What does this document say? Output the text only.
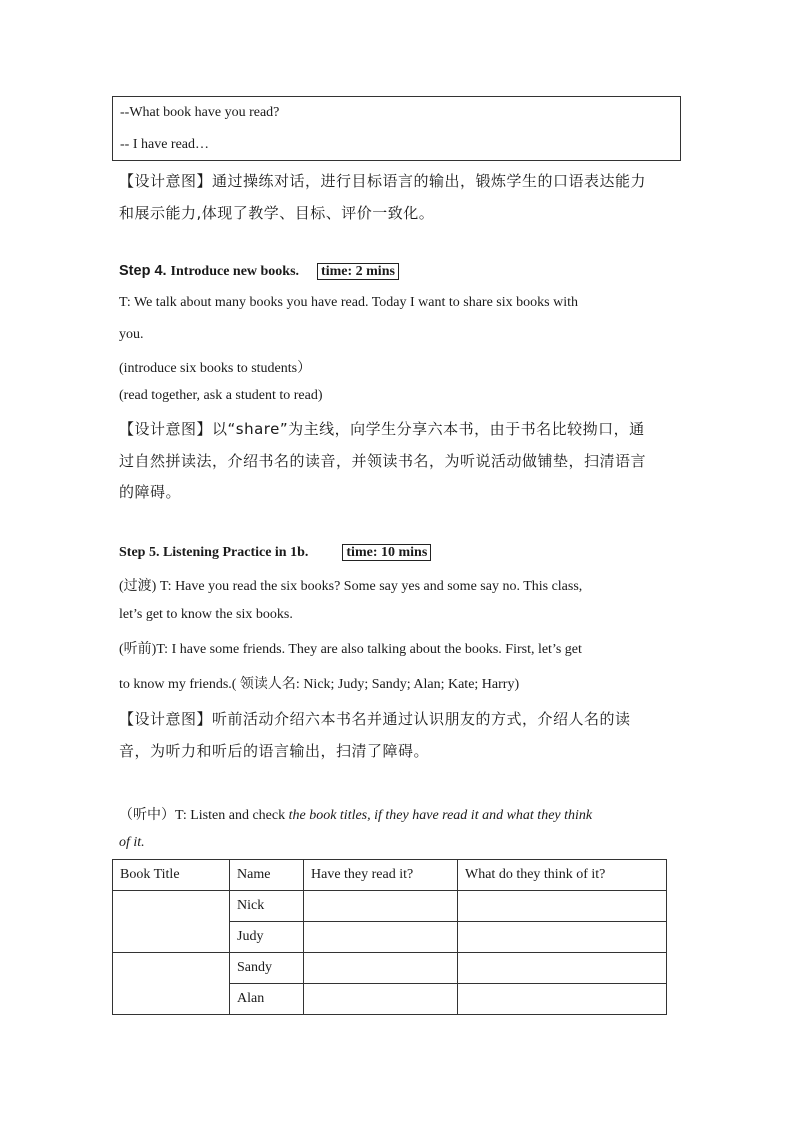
--What book have you read?
-- I have read…
【设计意图】通过操练对话，进行目标语言的输出，锻炼学生的口语表达能力
和展示能力,体现了教学、目标、评价一致化。
Step 4. Introduce new books. time: 2 mins
T: We talk about many books you have read. Today I want to share six books with
you.
(introduce six books to students）
(read together, ask a student to read)
【设计意图】以“share”为主线，向学生分享六本书，由于书名比较拗口，通
过自然拼读法，介绍书名的读音，并领读书名，为听说活动做铺垫，扫清语言
的障碍。
Step 5. Listening Practice in 1b.	time: 10 mins
(过渡) T: Have you read the six books? Some say yes and some say no. This class,
let’s get to know the six books.
(听前)T: I have some friends. They are also talking about the books. First, let’s get
to know my friends.( 领读人名: Nick; Judy; Sandy; Alan; Kate; Harry)
【设计意图】听前活动介绍六本书名并通过认识朋友的方式，介绍人名的读
音，为听力和听后的语言输出，扫清了障碍。
（听中）T: Listen and check the book titles, if they have read it and what they think
of it.
Book Title	Name	Have they read it?	What do they think of it?
	Nick		
	Judy		
	Sandy		
	Alan		
